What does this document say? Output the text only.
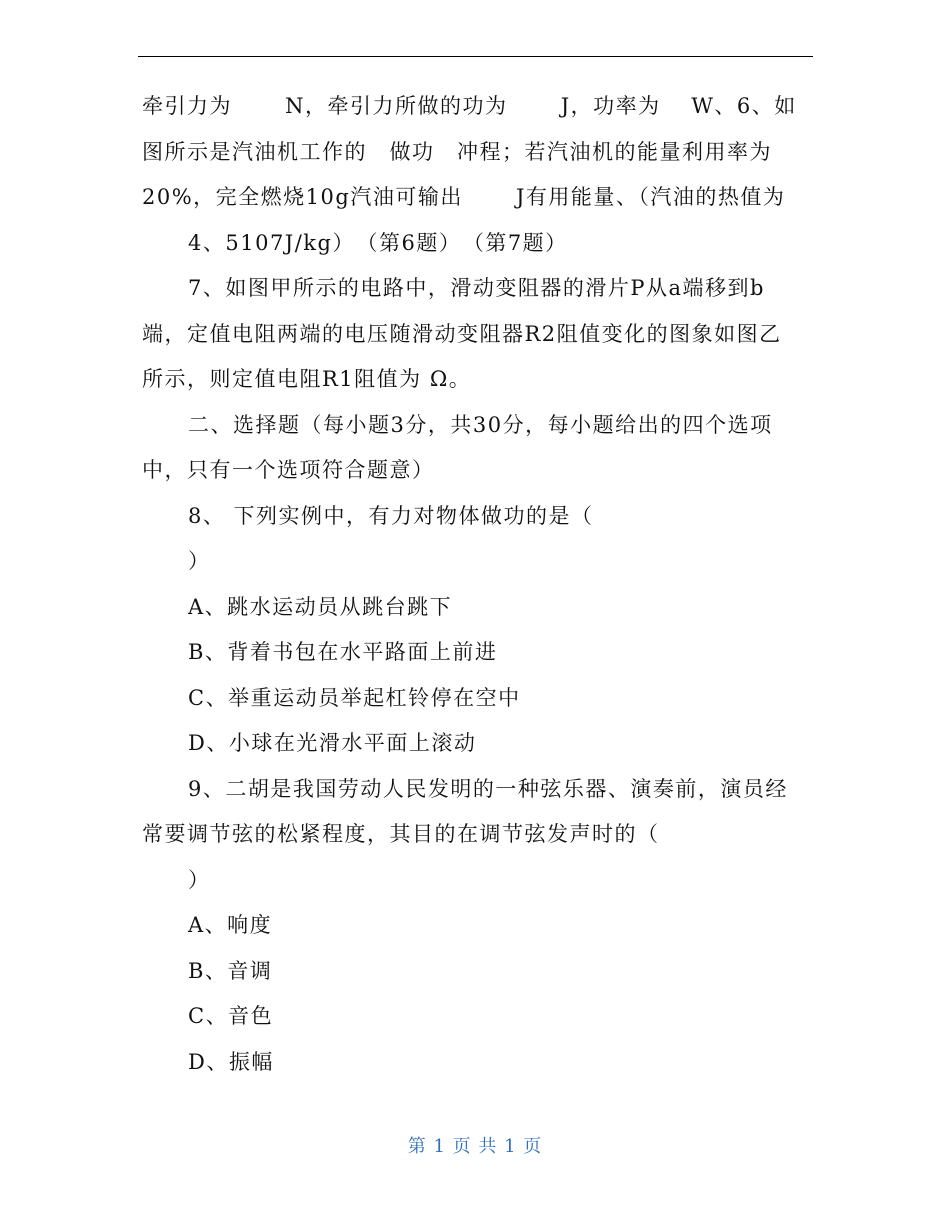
牵引力为　　 N，牵引力所做的功为　　 J，功率为　 W、6、如
图所示是汽油机工作的　做功　冲程；若汽油机的能量利用率为
20%，完全燃烧10g汽油可输出　　 J有用能量、（汽油的热值为
4、5107J/kg）　（第6题）　（第7题）
7、如图甲所示的电路中，滑动变阻器的滑片P从a端移到b
端，定值电阻两端的电压随滑动变阻器R2阻值变化的图象如图乙
所示，则定值电阻R1阻值为 Ω。
二、选择题（每小题3分，共30分，每小题给出的四个选项
中，只有一个选项符合题意）
8、 下列实例中，有力对物体做功的是（
）
A、跳水运动员从跳台跳下
B、背着书包在水平路面上前进
C、举重运动员举起杠铃停在空中
D、小球在光滑水平面上滚动
9、二胡是我国劳动人民发明的一种弦乐器、演奏前，演员经
常要调节弦的松紧程度，其目的在调节弦发声时的（
）
A、响度
B、音调
C、音色
D、振幅
第 1 页 共 1 页
